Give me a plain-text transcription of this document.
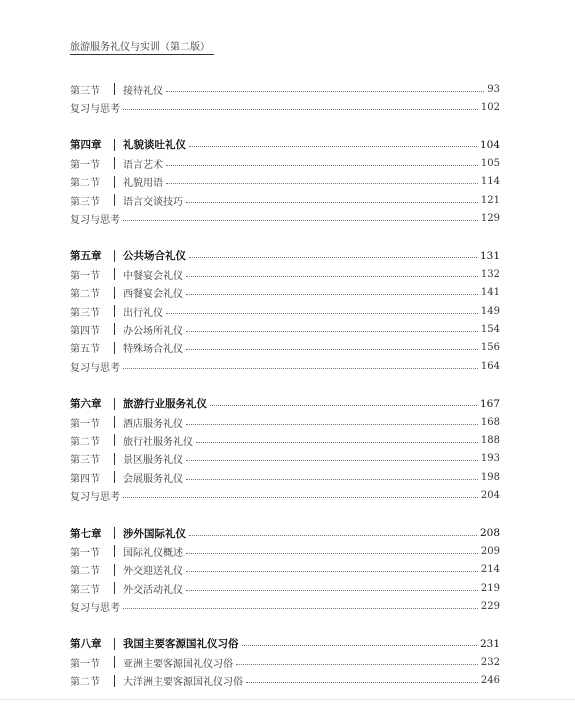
旅游服务礼仪与实训（第二版）
第三节	接待礼仪	93
复习与思考	102
第四章	礼貌谈吐礼仪	104
第一节	语言艺术	105
第二节	礼貌用语	114
第三节	语言交谈技巧	121
复习与思考	129
第五章	公共场合礼仪	131
第一节	中餐宴会礼仪	132
第二节	西餐宴会礼仪	141
第三节	出行礼仪	149
第四节	办公场所礼仪	154
第五节	特殊场合礼仪	156
复习与思考	164
第六章	旅游行业服务礼仪	167
第一节	酒店服务礼仪	168
第二节	旅行社服务礼仪	188
第三节	景区服务礼仪	193
第四节	会展服务礼仪	198
复习与思考	204
第七章	涉外国际礼仪	208
第一节	国际礼仪概述	209
第二节	外交迎送礼仪	214
第三节	外交活动礼仪	219
复习与思考	229
第八章	我国主要客源国礼仪习俗	231
第一节	亚洲主要客源国礼仪习俗	232
第二节	大洋洲主要客源国礼仪习俗	246
